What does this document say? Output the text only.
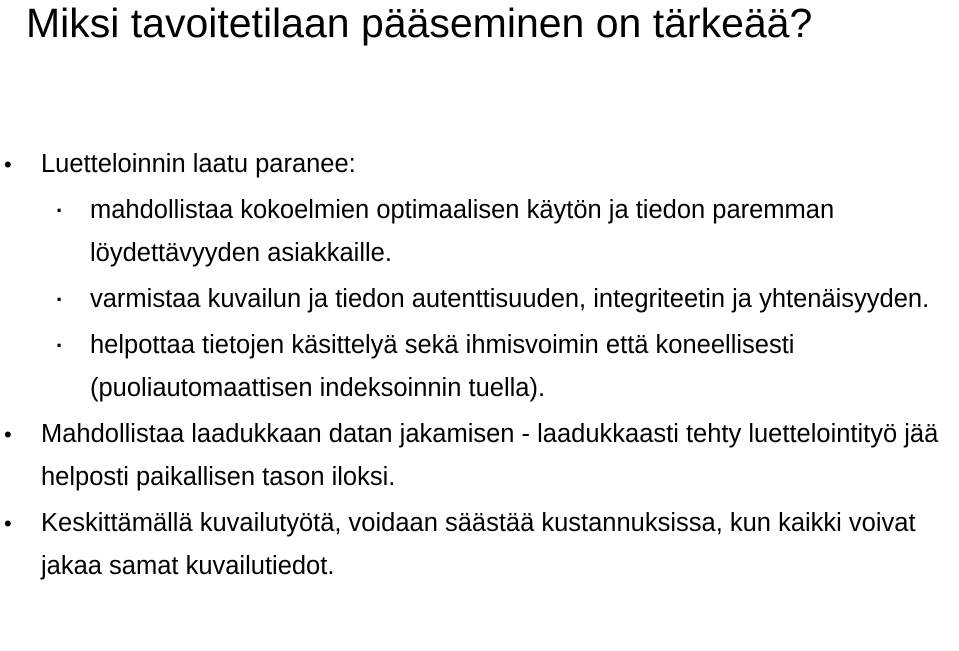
Miksi tavoitetilaan pääseminen on tärkeää?
• Luetteloinnin laatu paranee:
· mahdollistaa kokoelmien optimaalisen käytön ja tiedon paremman löydettävyyden asiakkaille.
· varmistaa kuvailun ja tiedon autenttisuuden, integriteetin ja yhtenäisyyden.
· helpottaa tietojen käsittelyä sekä ihmisvoimin että koneellisesti (puoliautomaattisen indeksoinnin tuella).
• Mahdollistaa laadukkaan datan jakamisen - laadukkaasti tehty luettelointityö jää helposti paikallisen tason iloksi.
• Keskittämällä kuvailutyötä, voidaan säästää kustannuksissa, kun kaikki voivat jakaa samat kuvailutiedot.
